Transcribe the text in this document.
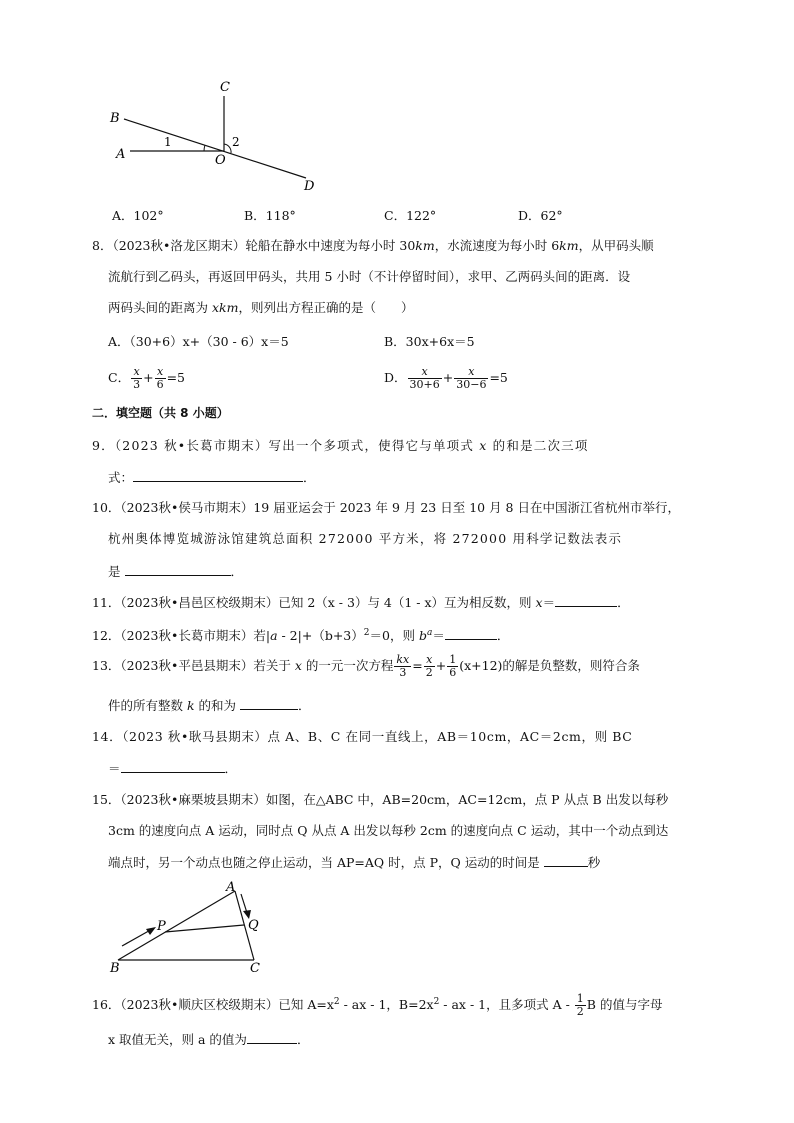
C
B
A
1	2
O
D
A．102°	B．118°	C．122°	D．62°
8．（2023秋•洛龙区期末）轮船在静水中速度为每小时 30km，水流速度为每小时 6km，从甲码头顺
流航行到乙码头，再返回甲码头，共用 5 小时（不计停留时间），求甲、乙两码头间的距离．设
两码头间的距离为 xkm，则列出方程正确的是（　　）
A．（30+6）x+（30 - 6）x＝5	B．30x+6x＝5
C． $\frac{x}{3} + \frac{x}{6} =5$	D． $\frac{x}{30+6} + \frac{x}{30-6} =5$
二．填空题（共 8 小题）
9．（2023 秋•长葛市期末）写出一个多项式，使得它与单项式 x 的和是二次三项
式：	．
10．（2023秋•侯马市期末）19 届亚运会于 2023 年 9 月 23 日至 10 月 8 日在中国浙江省杭州市举行，
杭州奥体博览城游泳馆建筑总面积 272000 平方米，将 272000 用科学记数法表示
是	．
11．（2023秋•昌邑区校级期末）已知 2（x - 3）与 4（1 - x）互为相反数，则 x＝	．
12．（2023秋•长葛市期末）若$|a - 2|+(b+3)^2=0$，则 $b^a=$	．
13．（2023秋•平邑县期末）若关于 x 的一元一次方程 $\frac{kx}{3} = \frac{x}{2} + \frac{1}{6} (x+12)$的解是负整数，则符合条
件的所有整数 k 的和为	．
14．（2023 秋•耿马县期末）点 A、B、C 在同一直线上，AB＝10cm，AC＝2cm，则 BC
＝	．
15．（2023秋•麻栗坡县期末）如图，在△ABC 中，AB=20cm，AC=12cm，点 P 从点 B 出发以每秒
3cm 的速度向点 A 运动，同时点 Q 从点 A 出发以每秒 2cm 的速度向点 C 运动，其中一个动点到达
端点时，另一个动点也随之停止运动，当 AP=AQ 时，点 P，Q 运动的时间是	秒
A
P	Q
B	C
16．（2023秋•顺庆区校级期末）已知 $A=x^2$ - ax - 1，$B=2x^2$ - ax - 1，且多项式 A - $\frac{1}{2}$ B 的值与字母
x 取值无关，则 a 的值为	．
